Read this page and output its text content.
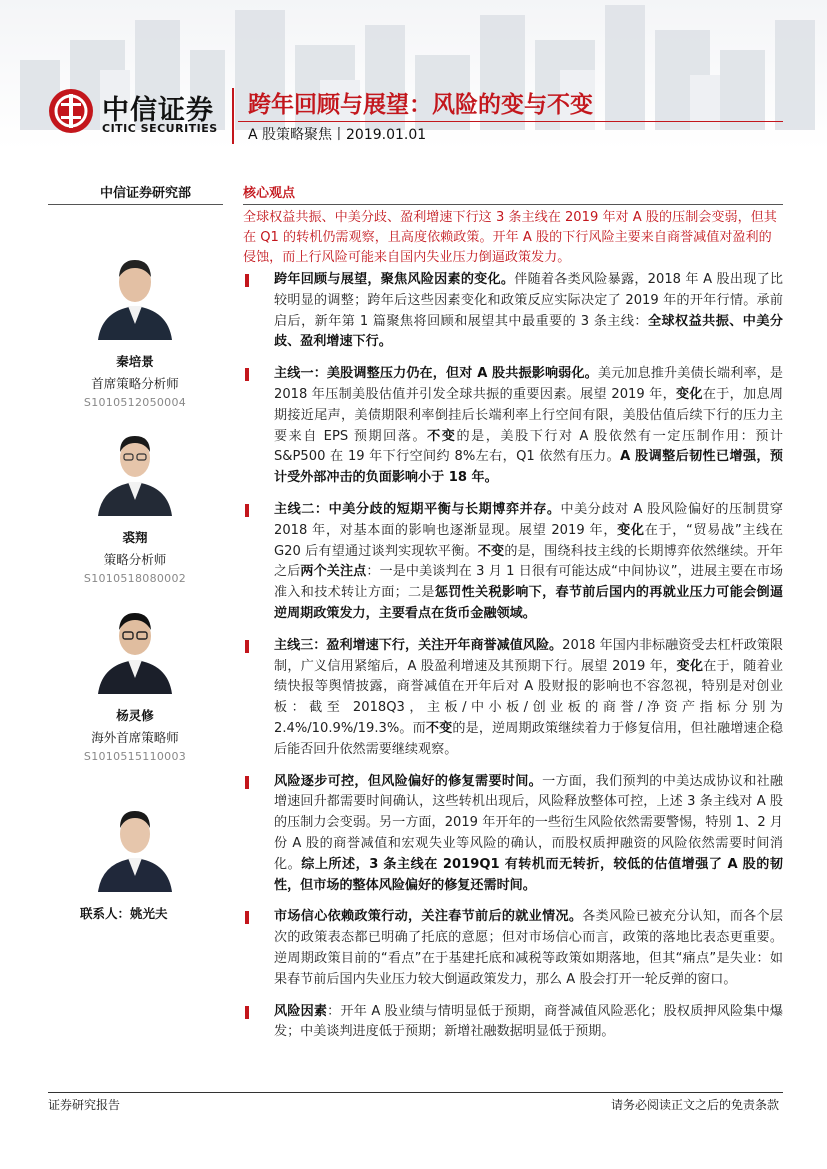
中信证券
CITIC SECURITIES
跨年回顾与展望：风险的变与不变
A 股策略聚焦丨2019.01.01
中信证券研究部	核心观点
全球权益共振、中美分歧、盈利增速下行这 3 条主线在 2019 年对 A 股的压制会变弱，但其在 Q1 的转机仍需观察，且高度依赖政策。开年 A 股的下行风险主要来自商誉减值对盈利的侵蚀，而上行风险可能来自国内失业压力倒逼政策发力。
秦培景
首席策略分析师
S1010512050004
裘翔
策略分析师
S1010518080002
杨灵修
海外首席策略师
S1010515110003
联系人：姚光夫
跨年回顾与展望，聚焦风险因素的变化。伴随着各类风险暴露，2018 年 A 股出现了比较明显的调整；跨年后这些因素变化和政策反应实际决定了 2019 年的开年行情。承前启后，新年第 1 篇聚焦将回顾和展望其中最重要的 3 条主线：全球权益共振、中美分歧、盈利增速下行。
主线一：美股调整压力仍在，但对 A 股共振影响弱化。美元加息推升美债长端利率，是 2018 年压制美股估值并引发全球共振的重要因素。展望 2019 年，变化在于，加息周期接近尾声，美债期限利率倒挂后长端利率上行空间有限，美股估值后续下行的压力主要来自 EPS 预期回落。不变的是，美股下行对 A 股依然有一定压制作用：预计 S&P500 在 19 年下行空间约 8%左右，Q1 依然有压力。A 股调整后韧性已增强，预计受外部冲击的负面影响小于 18 年。
主线二：中美分歧的短期平衡与长期博弈并存。中美分歧对 A 股风险偏好的压制贯穿 2018 年，对基本面的影响也逐渐显现。展望 2019 年，变化在于，“贸易战”主线在 G20 后有望通过谈判实现软平衡。不变的是，围绕科技主线的长期博弈依然继续。开年之后两个关注点：一是中美谈判在 3 月 1 日很有可能达成“中间协议”，进展主要在市场准入和技术转让方面；二是惩罚性关税影响下，春节前后国内的再就业压力可能会倒逼逆周期政策发力，主要看点在货币金融领域。
主线三：盈利增速下行，关注开年商誉减值风险。2018 年国内非标融资受去杠杆政策限制，广义信用紧缩后，A 股盈利增速及其预期下行。展望 2019 年，变化在于，随着业绩快报等舆情披露，商誉减值在开年后对 A 股财报的影响也不容忽视，特别是对创业板：截至 2018Q3，主板/中小板/创业板的商誉/净资产指标分别为 2.4%/10.9%/19.3%。而不变的是，逆周期政策继续着力于修复信用，但社融增速企稳后能否回升依然需要继续观察。
风险逐步可控，但风险偏好的修复需要时间。一方面，我们预判的中美达成协议和社融增速回升都需要时间确认，这些转机出现后，风险释放整体可控，上述 3 条主线对 A 股的压制力会变弱。另一方面，2019 年开年的一些衍生风险依然需要警惕，特别 1、2 月份 A 股的商誉减值和宏观失业等风险的确认，而股权质押融资的风险依然需要时间消化。综上所述，3 条主线在 2019Q1 有转机而无转折，较低的估值增强了 A 股的韧性，但市场的整体风险偏好的修复还需时间。
市场信心依赖政策行动，关注春节前后的就业情况。各类风险已被充分认知，而各个层次的政策表态都已明确了托底的意愿；但对市场信心而言，政策的落地比表态更重要。逆周期政策目前的“看点”在于基建托底和减税等政策如期落地，但其“痛点”是失业：如果春节前后国内失业压力较大倒逼政策发力，那么 A 股会打开一轮反弹的窗口。
风险因素：开年 A 股业绩与情明显低于预期，商誉减值风险恶化；股权质押风险集中爆发；中美谈判进度低于预期；新增社融数据明显低于预期。
证券研究报告	请务必阅读正文之后的免责条款
